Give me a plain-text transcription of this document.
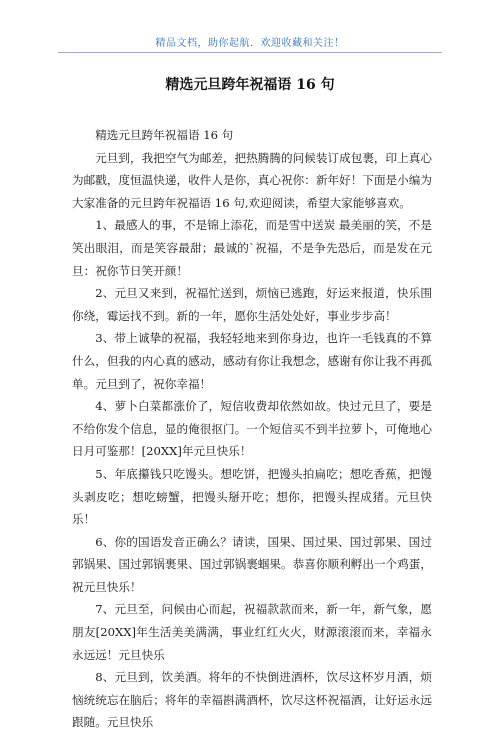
精品文档，助你起航．欢迎收藏和关注！
精选元旦跨年祝福语 16 句

精选元旦跨年祝福语 16 句

元旦到，我把空气为邮差，把热腾腾的问候装订成包裹，印上真心为邮戳，度恒温快递，收件人是你，真心祝你：新年好！下面是小编为大家准备的元旦跨年祝福语 16 句,欢迎阅读，希望大家能够喜欢。

1、最感人的事，不是锦上添花，而是雪中送炭 最美丽的笑，不是笑出眼泪，而是笑容最甜；最诚的`祝福，不是争先恐后，而是发在元旦：祝你节日笑开颜！

2、元旦又来到，祝福忙送到，烦恼已逃跑，好运来报道，快乐围你绕，霉运找不到。新的一年，愿你生活处处好，事业步步高！

3、带上诚挚的祝福，我轻轻地来到你身边，也许一毛钱真的不算什么，但我的内心真的感动，感动有你让我想念，感谢有你让我不再孤单。元旦到了，祝你幸福！

4、萝卜白菜都涨价了，短信收费却依然如故。快过元旦了，要是不给你发个信息，显的俺很抠门。一个短信买不到半拉萝卜，可俺地心日月可鉴那！[20XX]年元旦快乐！

5、年底攥钱只吃馒头。想吃饼，把馒头拍扁吃；想吃香蕉，把馒头剥皮吃；想吃螃蟹，把馒头掰开吃；想你，把馒头捏成猪。元旦快乐！

6、你的国语发音正确么？请读，国果、国过果、国过郭果、国过郭锅果、国过郭锅裹果、国过郭锅裹蝈果。恭喜你顺利孵出一个鸡蛋，祝元旦快乐！

7、元旦至，问候由心而起，祝福款款而来，新一年，新气象，愿朋友[20XX]年生活美美满满，事业红红火火，财源滚滚而来，幸福永永远远！元旦快乐

8、元旦到，饮美酒。将年的不快倒进酒杯，饮尽这杯岁月酒，烦恼统统忘在脑后；将年的幸福斟满酒杯，饮尽这杯祝福酒，让好运永远跟随。元旦快乐
